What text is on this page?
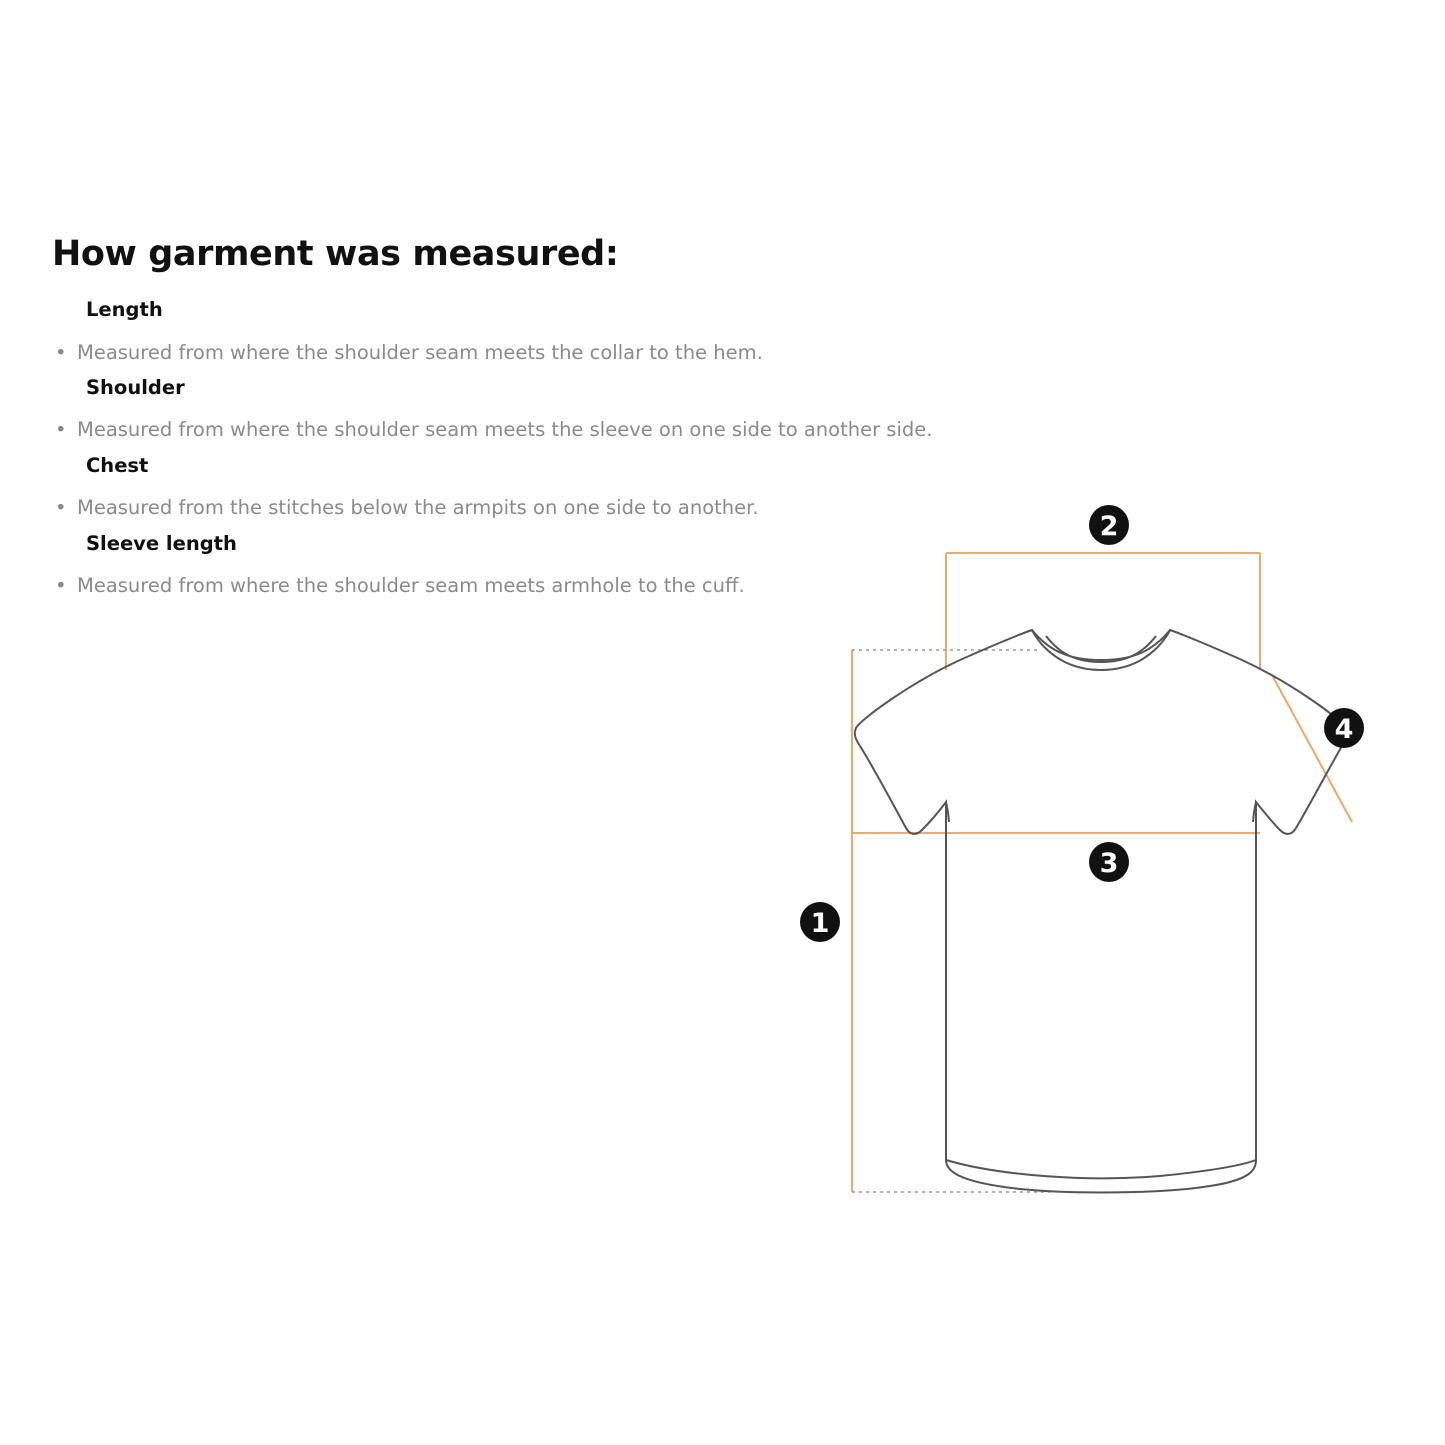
How garment was measured:
Length
• Measured from where the shoulder seam meets the collar to the hem.
Shoulder
• Measured from where the shoulder seam meets the sleeve on one side to another side.
Chest
• Measured from the stitches below the armpits on one side to another.
Sleeve length
• Measured from where the shoulder seam meets armhole to the cuff.
2
4
3
1
